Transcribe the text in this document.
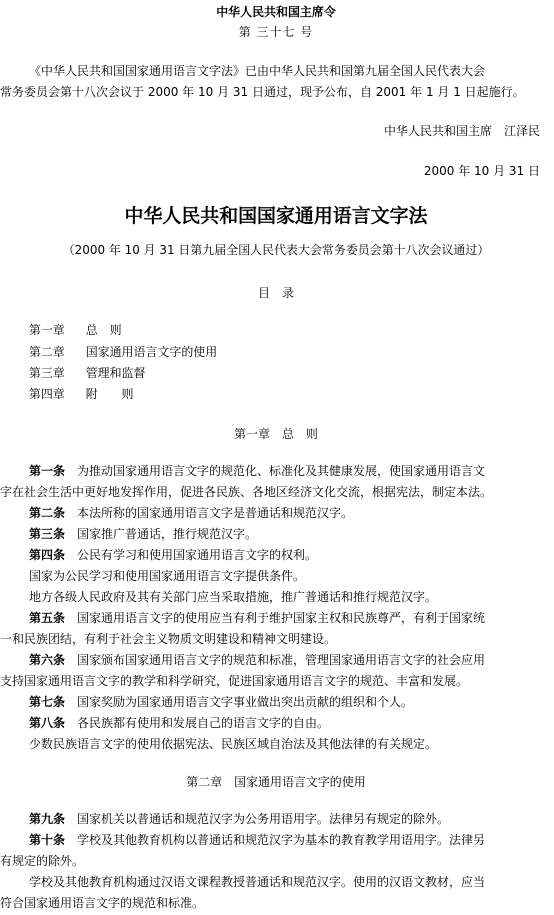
中华人民共和国主席令
第 三十七 号
《中华人民共和国国家通用语言文字法》已由中华人民共和国第九届全国人民代表大会
常务委员会第十八次会议于 2000 年 10 月 31 日通过，现予公布，自 2001 年 1 月 1 日起施行。
中华人民共和国主席　江泽民
2000 年 10 月 31 日
中华人民共和国国家通用语言文字法
（2000 年 10 月 31 日第九届全国人民代表大会常务委员会第十八次会议通过）
目　录
第一章 总　则
第二章 国家通用语言文字的使用
第三章 管理和监督
第四章 附　　则
第一章　总　则
第一条　 为推动国家通用语言文字的规范化、标准化及其健康发展，使国家通用语言文
字在社会生活中更好地发挥作用，促进各民族、各地区经济文化交流，根据宪法，制定本法。
第二条　 本法所称的国家通用语言文字是普通话和规范汉字。
第三条　 国家推广普通话，推行规范汉字。
第四条　 公民有学习和使用国家通用语言文字的权利。
国家为公民学习和使用国家通用语言文字提供条件。
地方各级人民政府及其有关部门应当采取措施，推广普通话和推行规范汉字。
第五条　 国家通用语言文字的使用应当有利于维护国家主权和民族尊严，有利于国家统
一和民族团结，有利于社会主义物质文明建设和精神文明建设。
第六条　 国家颁布国家通用语言文字的规范和标准，管理国家通用语言文字的社会应用
支持国家通用语言文字的教学和科学研究，促进国家通用语言文字的规范、丰富和发展。
第七条　 国家奖励为国家通用语言文字事业做出突出贡献的组织和个人。
第八条　 各民族都有使用和发展自己的语言文字的自由。
少数民族语言文字的使用依据宪法、民族区域自治法及其他法律的有关规定。
第二章　国家通用语言文字的使用
第九条　 国家机关以普通话和规范汉字为公务用语用字。法律另有规定的除外。
第十条　 学校及其他教育机构以普通话和规范汉字为基本的教育教学用语用字。法律另
有规定的除外。
学校及其他教育机构通过汉语文课程教授普通话和规范汉字。使用的汉语文教材，应当
符合国家通用语言文字的规范和标准。
